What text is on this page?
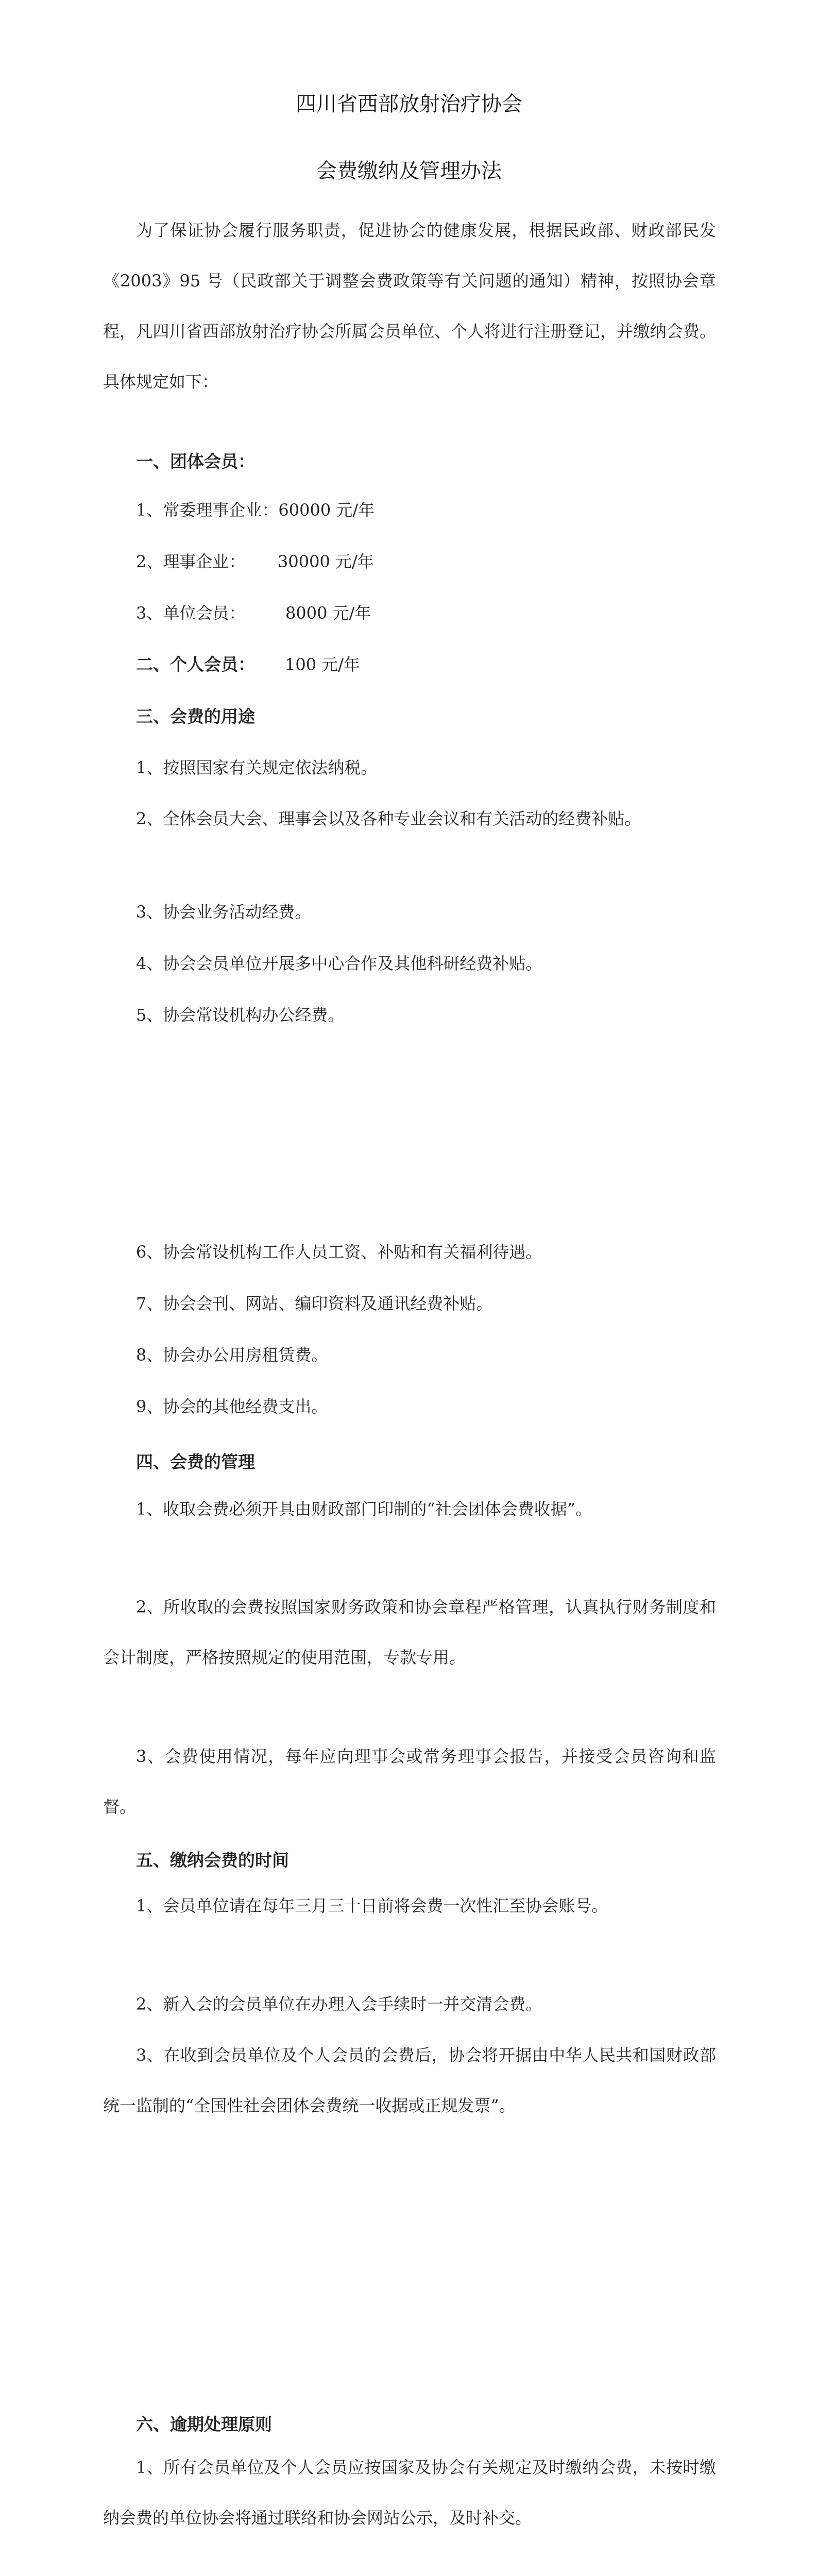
四川省西部放射治疗协会
会费缴纳及管理办法
为了保证协会履行服务职责，促进协会的健康发展，根据民政部、财政部民发《2003》95 号（民政部关于调整会费政策等有关问题的通知）精神，按照协会章程，凡四川省西部放射治疗协会所属会员单位、个人将进行注册登记，并缴纳会费。具体规定如下：
一、团体会员：
1、常委理事企业：60000 元/年
2、理事企业： 30000 元/年
3、单位会员： 8000 元/年
二、个人会员： 100 元/年
三、会费的用途
1、按照国家有关规定依法纳税。
2、全体会员大会、理事会以及各种专业会议和有关活动的经费补贴。
3、协会业务活动经费。
4、协会会员单位开展多中心合作及其他科研经费补贴。
5、协会常设机构办公经费。
6、协会常设机构工作人员工资、补贴和有关福利待遇。
7、协会会刊、网站、编印资料及通讯经费补贴。
8、协会办公用房租赁费。
9、协会的其他经费支出。
四、会费的管理
1、收取会费必须开具由财政部门印制的“社会团体会费收据”。
2、所收取的会费按照国家财务政策和协会章程严格管理，认真执行财务制度和会计制度，严格按照规定的使用范围，专款专用。
3、会费使用情况，每年应向理事会或常务理事会报告，并接受会员咨询和监督。
五、缴纳会费的时间
1、会员单位请在每年三月三十日前将会费一次性汇至协会账号。
2、新入会的会员单位在办理入会手续时一并交清会费。
3、在收到会员单位及个人会员的会费后，协会将开据由中华人民共和国财政部统一监制的“全国性社会团体会费统一收据或正规发票”。
六、逾期处理原则
1、所有会员单位及个人会员应按国家及协会有关规定及时缴纳会费，未按时缴纳会费的单位协会将通过联络和协会网站公示，及时补交。
